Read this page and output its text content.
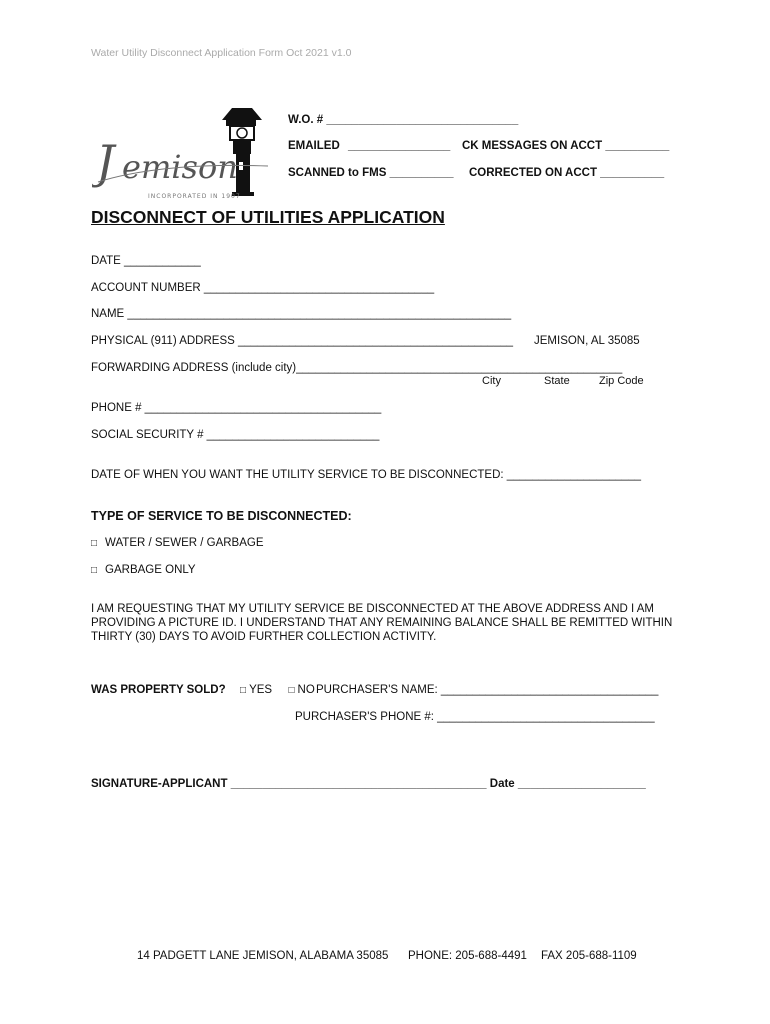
Water Utility Disconnect Application Form Oct 2021 v1.0
J emison
INCORPORATED IN 1907
W.O. # ______________________________
EMAILED ________________ CK MESSAGES ON ACCT __________
SCANNED to FMS __________ CORRECTED ON ACCT __________
DISCONNECT OF UTILITIES APPLICATION
DATE ____________
ACCOUNT NUMBER ____________________________________
NAME ____________________________________________________________
PHYSICAL (911) ADDRESS ___________________________________________ JEMISON, AL 35085
FORWARDING ADDRESS (include city)___________________________________________________
City	State	Zip Code
PHONE # _____________________________________
SOCIAL SECURITY # ___________________________
DATE OF WHEN YOU WANT THE UTILITY SERVICE TO BE DISCONNECTED: _____________________
TYPE OF SERVICE TO BE DISCONNECTED:
□ WATER / SEWER / GARBAGE
□ GARBAGE ONLY
I AM REQUESTING THAT MY UTILITY SERVICE BE DISCONNECTED AT THE ABOVE ADDRESS AND I AM PROVIDING A PICTURE ID. I UNDERSTAND THAT ANY REMAINING BALANCE SHALL BE REMITTED WITHIN THIRTY (30) DAYS TO AVOID FURTHER COLLECTION ACTIVITY.
WAS PROPERTY SOLD? □ YES □ NO PURCHASER'S NAME: __________________________________
PURCHASER'S PHONE #: __________________________________
SIGNATURE-APPLICANT ________________________________________ Date ____________________
14 PADGETT LANE JEMISON, ALABAMA 35085 PHONE: 205-688-4491 FAX 205-688-1109
